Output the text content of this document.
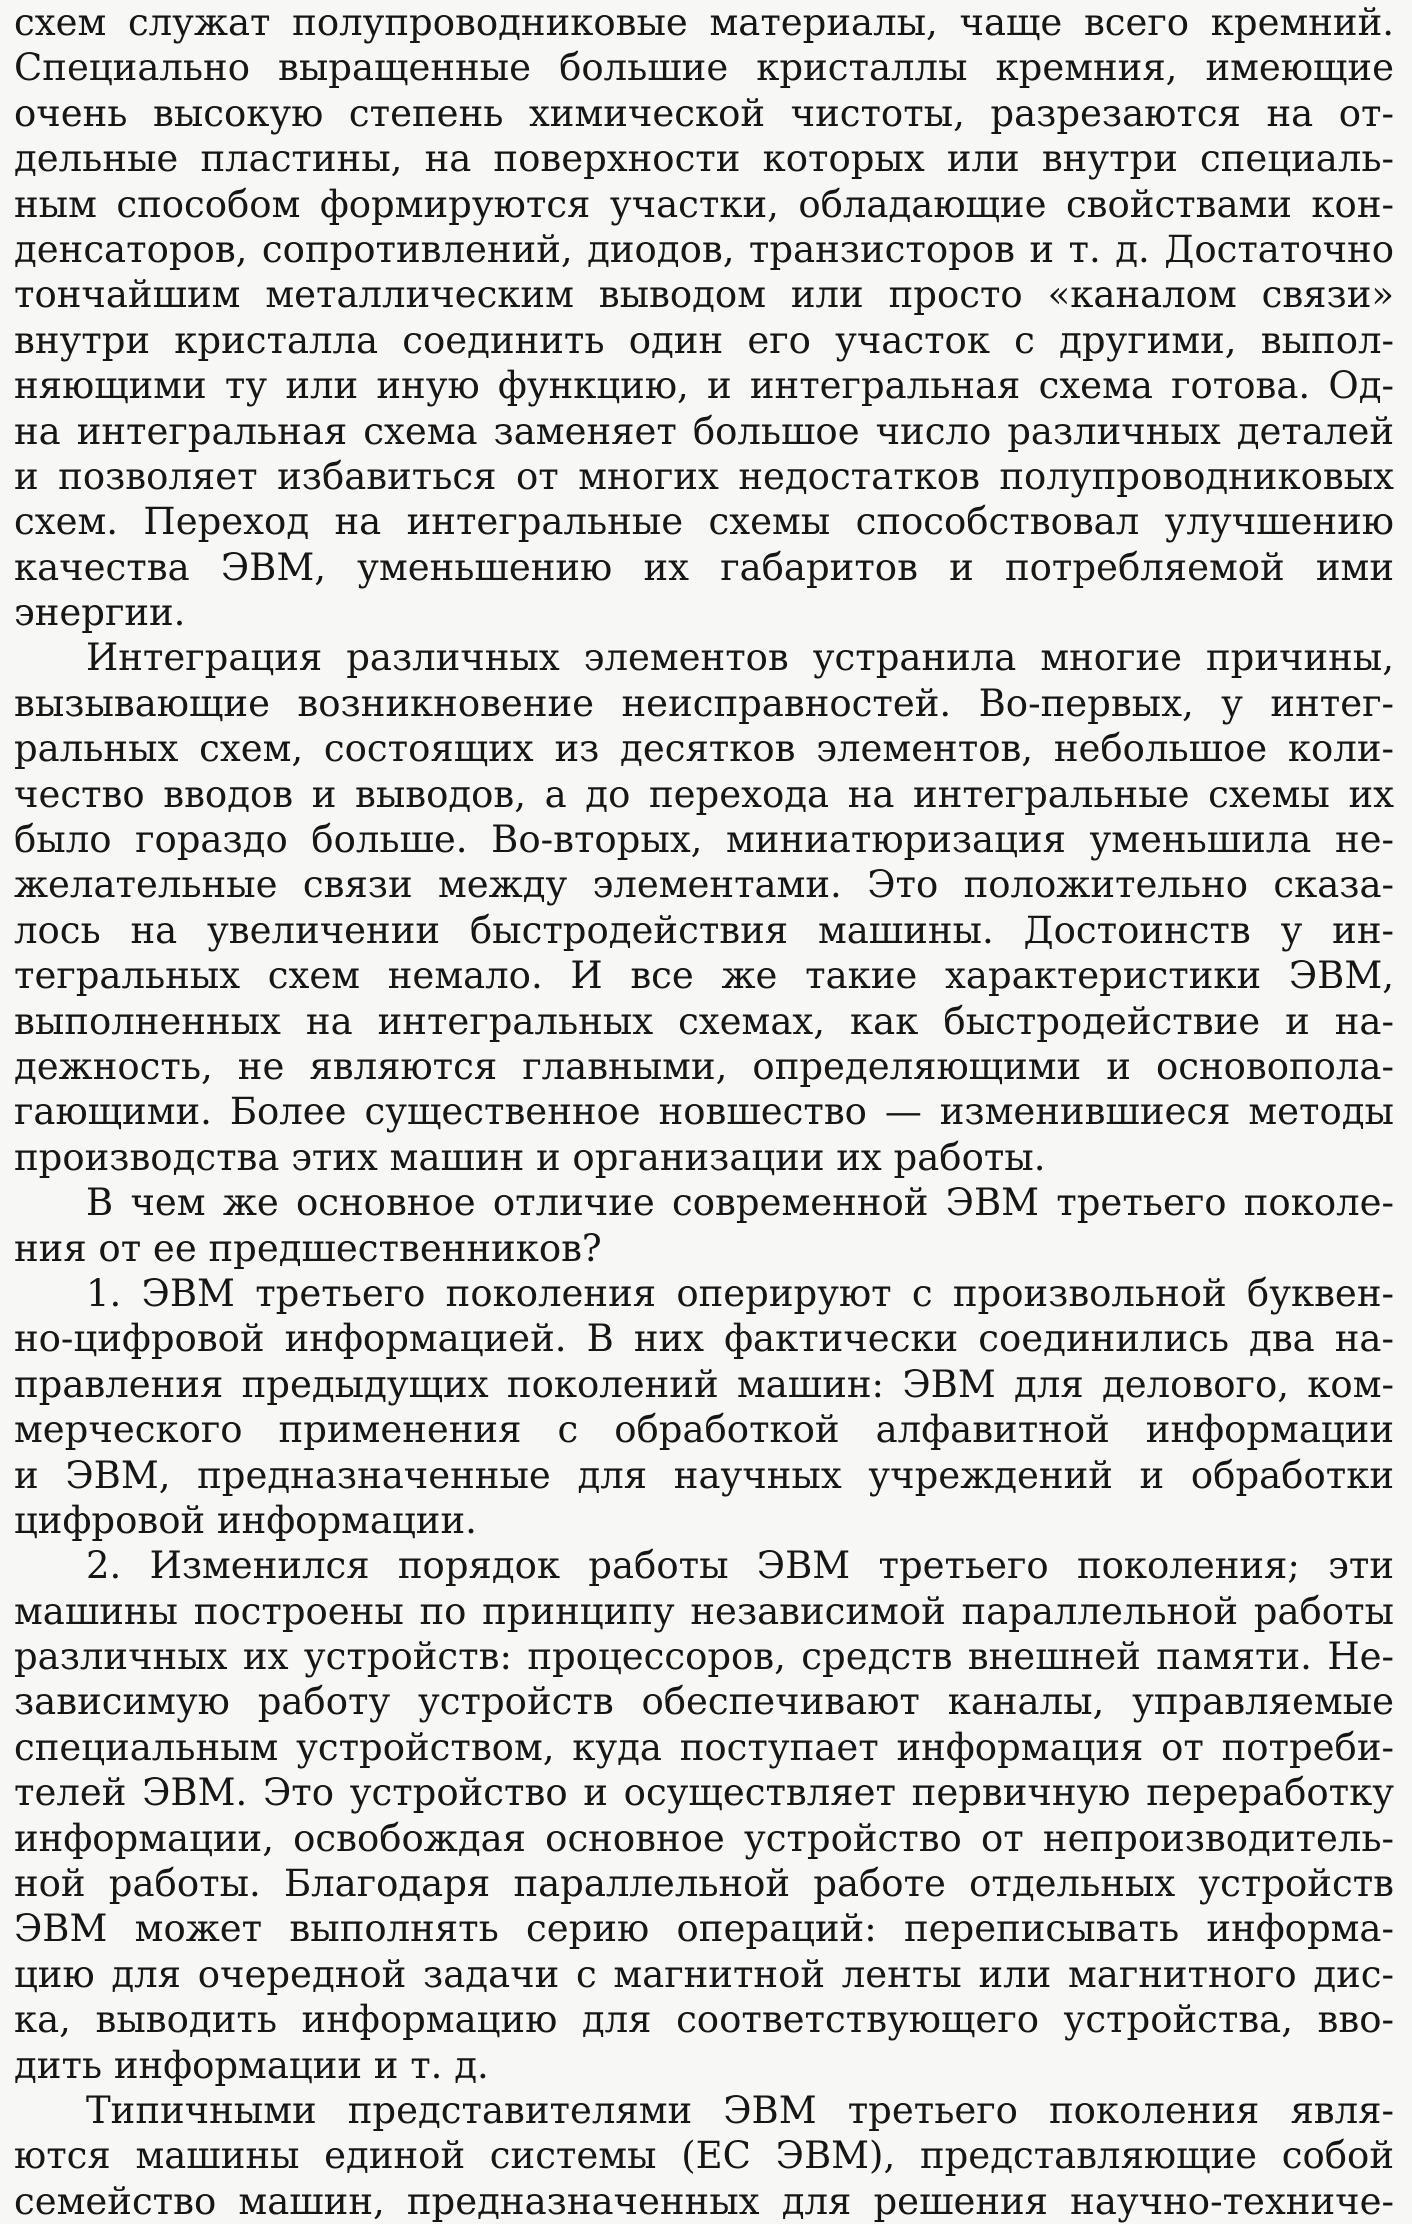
схем служат полупроводниковые материалы, чаще всего кремний.
Специально выращенные большие кристаллы кремния, имеющие
очень высокую степень химической чистоты, разрезаются на от-
дельные пластины, на поверхности которых или внутри специаль-
ным способом формируются участки, обладающие свойствами кон-
денсаторов, сопротивлений, диодов, транзисторов и т. д. Достаточно
тончайшим металлическим выводом или просто «каналом связи»
внутри кристалла соединить один его участок с другими, выпол-
няющими ту или иную функцию, и интегральная схема готова. Од-
на интегральная схема заменяет большое число различных деталей
и позволяет избавиться от многих недостатков полупроводниковых
схем. Переход на интегральные схемы способствовал улучшению
качества ЭВМ, уменьшению их габаритов и потребляемой ими
энергии.
Интеграция различных элементов устранила многие причины,
вызывающие возникновение неисправностей. Во-первых, у интег-
ральных схем, состоящих из десятков элементов, небольшое коли-
чество вводов и выводов, а до перехода на интегральные схемы их
было гораздо больше. Во-вторых, миниатюризация уменьшила не-
желательные связи между элементами. Это положительно сказа-
лось на увеличении быстродействия машины. Достоинств у ин-
тегральных схем немало. И все же такие характеристики ЭВМ,
выполненных на интегральных схемах, как быстродействие и на-
дежность, не являются главными, определяющими и основопола-
гающими. Более существенное новшество — изменившиеся методы
производства этих машин и организации их работы.
В чем же основное отличие современной ЭВМ третьего поколе-
ния от ее предшественников?
1. ЭВМ третьего поколения оперируют с произвольной буквен-
но-цифровой информацией. В них фактически соединились два на-
правления предыдущих поколений машин: ЭВМ для делового, ком-
мерческого применения с обработкой алфавитной информации
и ЭВМ, предназначенные для научных учреждений и обработки
цифровой информации.
2. Изменился порядок работы ЭВМ третьего поколения; эти
машины построены по принципу независимой параллельной работы
различных их устройств: процессоров, средств внешней памяти. Не-
зависимую работу устройств обеспечивают каналы, управляемые
специальным устройством, куда поступает информация от потреби-
телей ЭВМ. Это устройство и осуществляет первичную переработку
информации, освобождая основное устройство от непроизводитель-
ной работы. Благодаря параллельной работе отдельных устройств
ЭВМ может выполнять серию операций: переписывать информа-
цию для очередной задачи с магнитной ленты или магнитного дис-
ка, выводить информацию для соответствующего устройства, вво-
дить информации и т. д.
Типичными представителями ЭВМ третьего поколения явля-
ются машины единой системы (ЕС ЭВМ), представляющие собой
семейство машин, предназначенных для решения научно-техниче-
